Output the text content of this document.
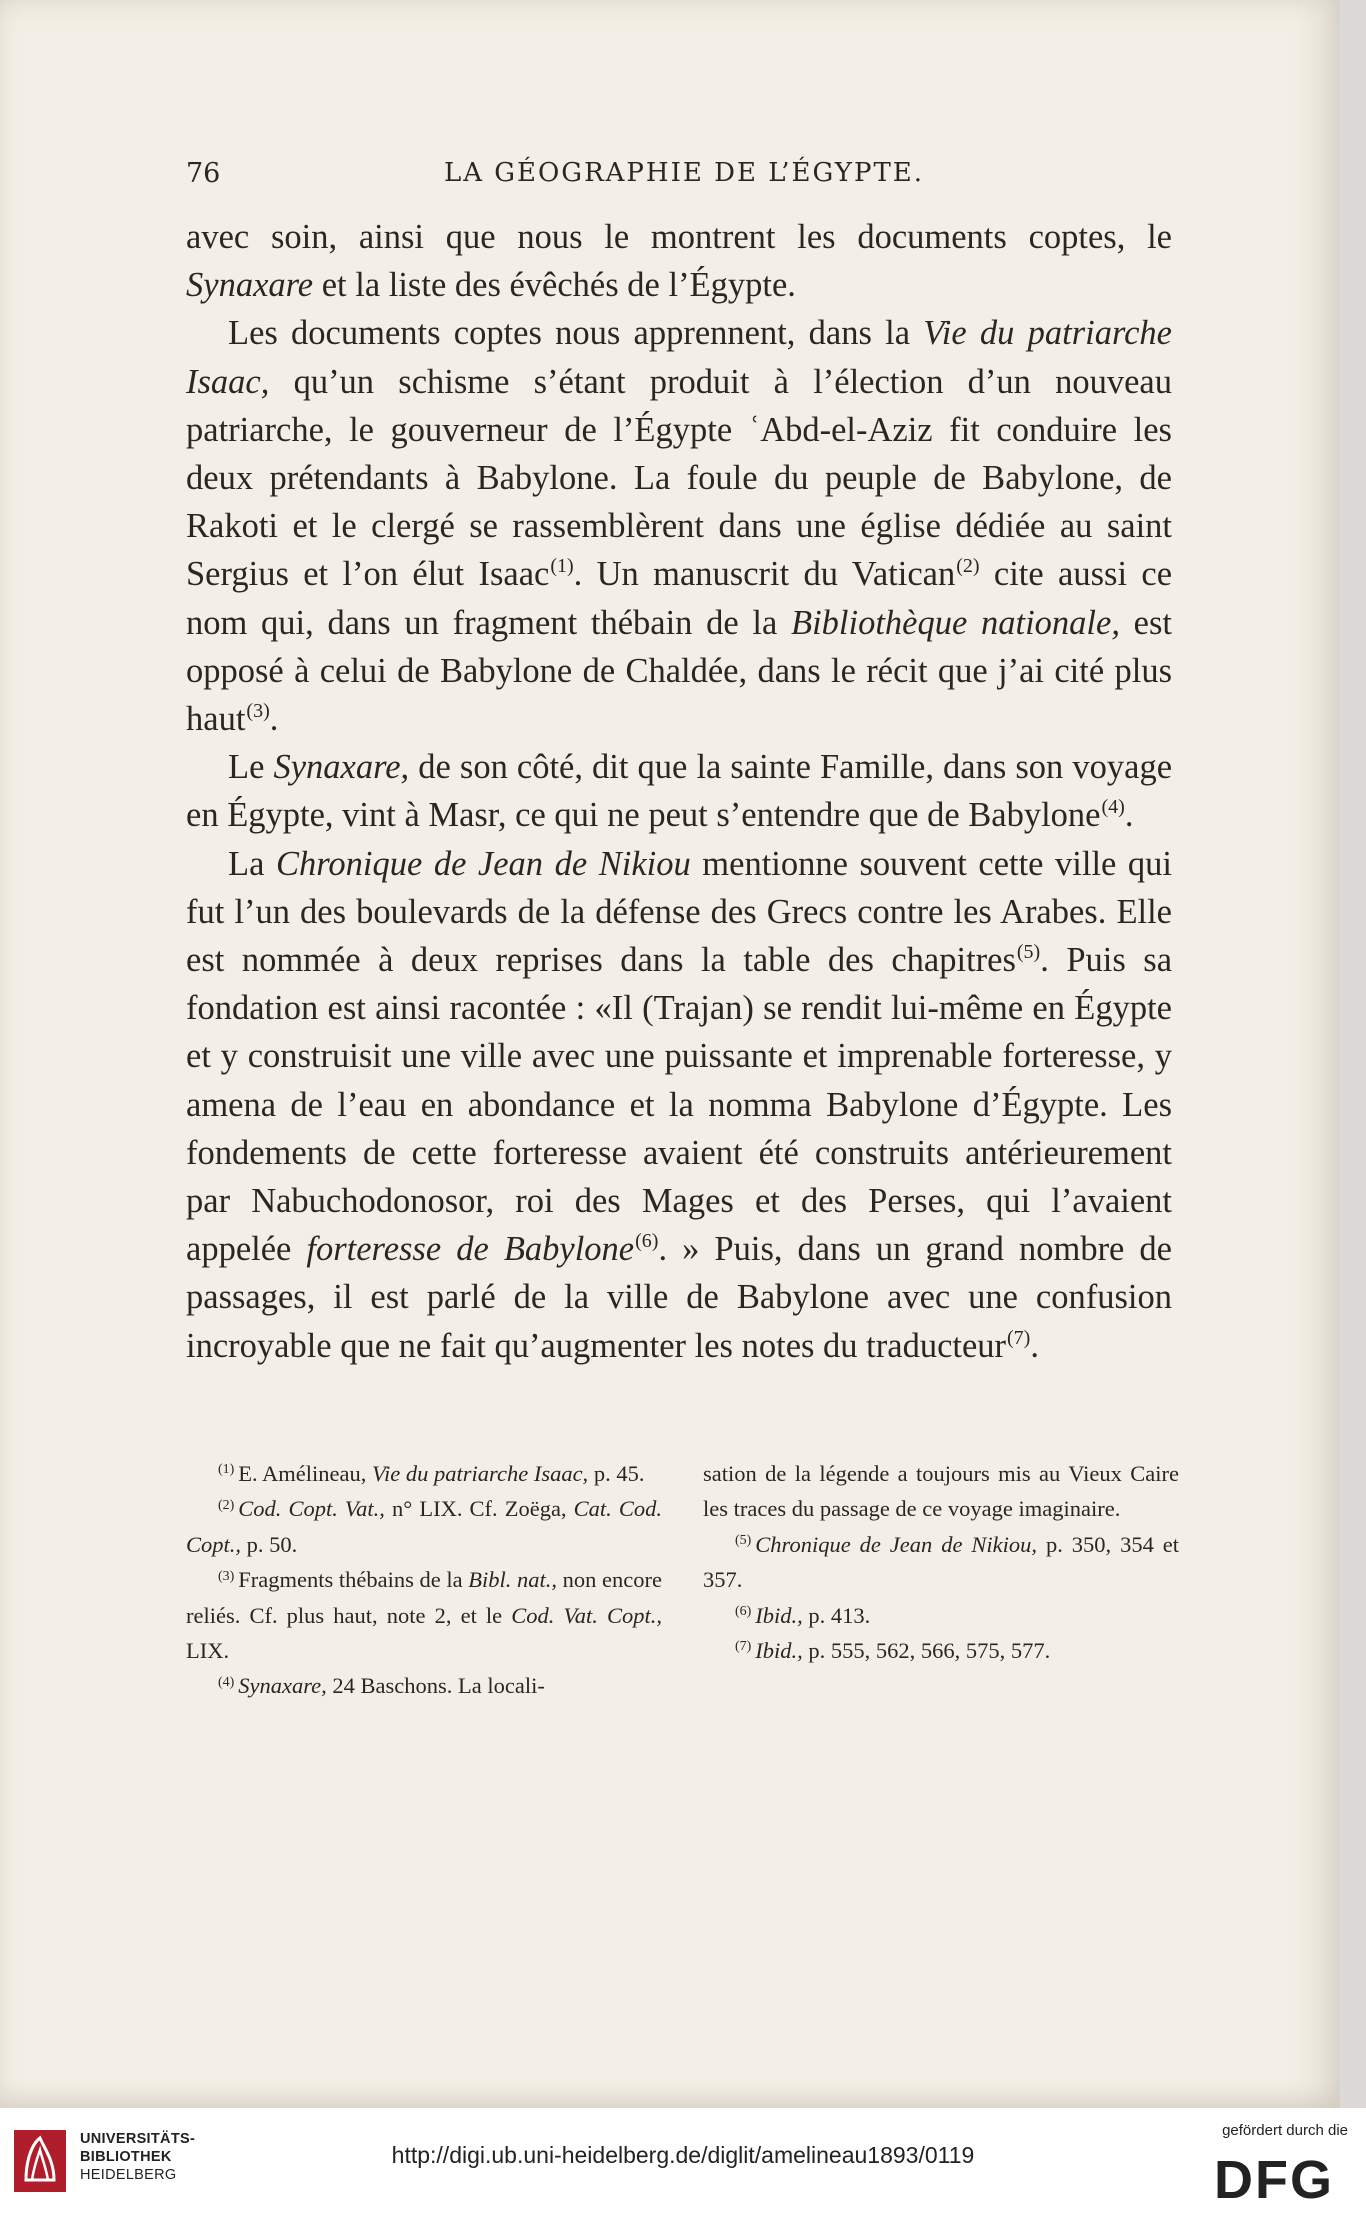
76	LA GÉOGRAPHIE DE L’ÉGYPTE.

avec soin, ainsi que nous le montrent les documents coptes, le Synaxare et la liste des évêchés de l’Égypte.

Les documents coptes nous apprennent, dans la Vie du patriarche Isaac, qu’un schisme s’étant produit à l’élection d’un nouveau patriarche, le gouverneur de l’Égypte ʿAbd-el-Aziz fit conduire les deux prétendants à Babylone. La foule du peuple de Babylone, de Rakoti et le clergé se rassemblèrent dans une église dédiée au saint Sergius et l’on élut Isaac$^{(1)}$. Un manuscrit du Vatican$^{(2)}$ cite aussi ce nom qui, dans un fragment thébain de la Bibliothèque nationale, est opposé à celui de Babylone de Chaldée, dans le récit que j’ai cité plus haut$^{(3)}$.

Le Synaxare, de son côté, dit que la sainte Famille, dans son voyage en Égypte, vint à Masr, ce qui ne peut s’entendre que de Babylone$^{(4)}$.

La Chronique de Jean de Nikiou mentionne souvent cette ville qui fut l’un des boulevards de la défense des Grecs contre les Arabes. Elle est nommée à deux reprises dans la table des chapitres$^{(5)}$. Puis sa fondation est ainsi racontée : «Il (Trajan) se rendit lui-même en Égypte et y construisit une ville avec une puissante et imprenable forteresse, y amena de l’eau en abondance et la nomma Babylone d’Égypte. Les fondements de cette forteresse avaient été construits antérieurement par Nabuchodonosor, roi des Mages et des Perses, qui l’avaient appelée forteresse de Babylone$^{(6)}$. » Puis, dans un grand nombre de passages, il est parlé de la ville de Babylone avec une confusion incroyable que ne fait qu’augmenter les notes du traducteur$^{(7)}$.

$^{(1)}$ E. Amélineau, Vie du patriarche Isaac, p. 45.

$^{(2)}$ Cod. Copt. Vat., n° LIX. Cf. Zoëga, Cat. Cod. Copt., p. 50.

$^{(3)}$ Fragments thébains de la Bibl. nat., non encore reliés. Cf. plus haut, note 2, et le Cod. Vat. Copt., LIX.

$^{(4)}$ Synaxare, 24 Baschons. La locali-

sation de la légende a toujours mis au Vieux Caire les traces du passage de ce voyage imaginaire.

$^{(5)}$ Chronique de Jean de Nikiou, p. 350, 354 et 357.

$^{(6)}$ Ibid., p. 413.

$^{(7)}$ Ibid., p. 555, 562, 566, 575, 577.

UNIVERSITÄTS-
BIBLIOTHEK
HEIDELBERG
http://digi.ub.uni-heidelberg.de/diglit/amelineau1893/0119
gefördert durch die
DFG
